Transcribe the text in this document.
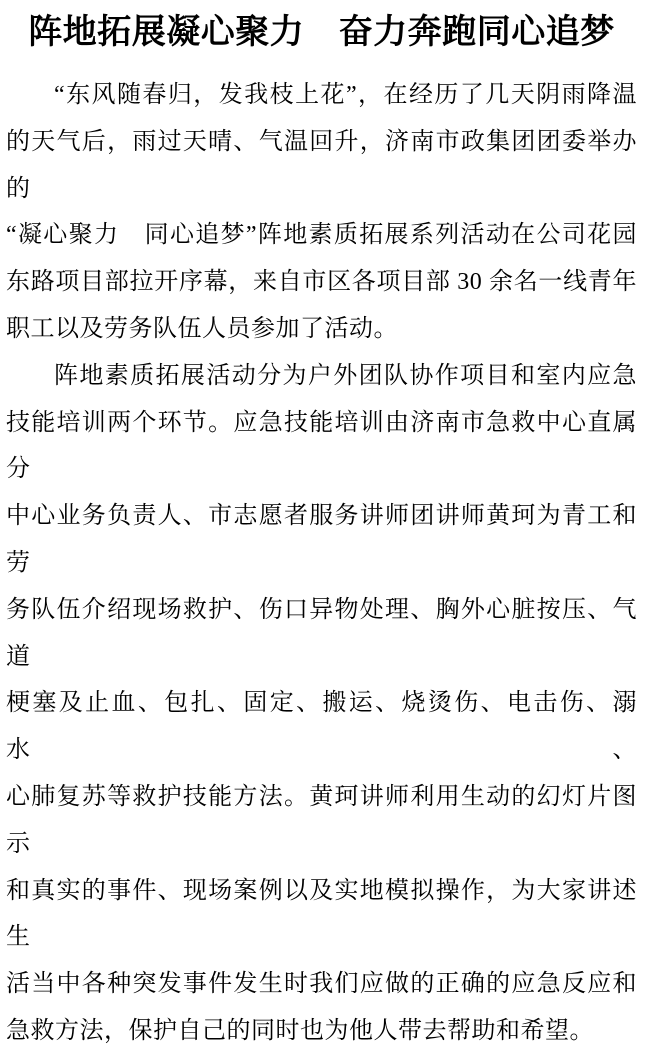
阵地拓展凝心聚力　奋力奔跑同心追梦
“东风随春归，发我枝上花”，在经历了几天阴雨降温
的天气后，雨过天晴、气温回升，济南市政集团团委举办的
“凝心聚力　同心追梦”阵地素质拓展系列活动在公司花园
东路项目部拉开序幕，来自市区各项目部 30 余名一线青年
职工以及劳务队伍人员参加了活动。
阵地素质拓展活动分为户外团队协作项目和室内应急
技能培训两个环节。应急技能培训由济南市急救中心直属分
中心业务负责人、市志愿者服务讲师团讲师黄珂为青工和劳
务队伍介绍现场救护、伤口异物处理、胸外心脏按压、气道
梗塞及止血、包扎、固定、搬运、烧烫伤、电击伤、溺水、
心肺复苏等救护技能方法。黄珂讲师利用生动的幻灯片图示
和真实的事件、现场案例以及实地模拟操作，为大家讲述生
活当中各种突发事件发生时我们应做的正确的应急反应和
急救方法，保护自己的同时也为他人带去帮助和希望。
